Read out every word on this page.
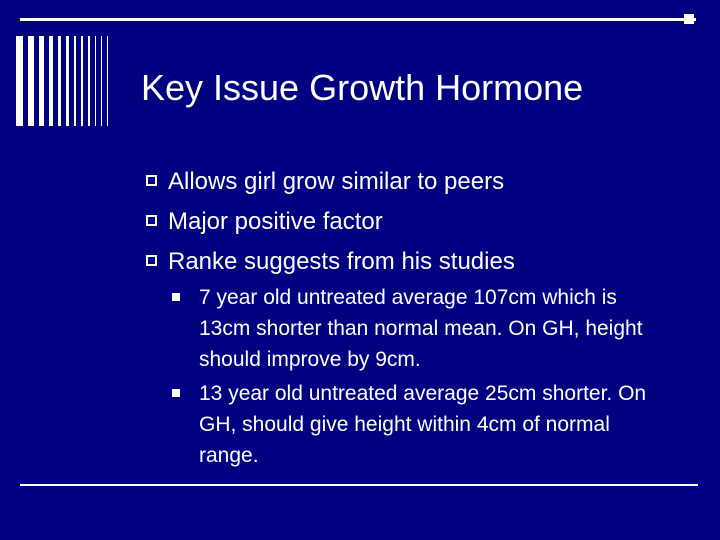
Key Issue Growth Hormone
Allows girl grow similar to peers
Major positive factor
Ranke suggests from his studies
7 year old untreated average 107cm which is 13cm shorter than normal mean. On GH, height should improve by 9cm.
13 year old untreated average 25cm shorter. On GH, should give height within 4cm of normal range.
